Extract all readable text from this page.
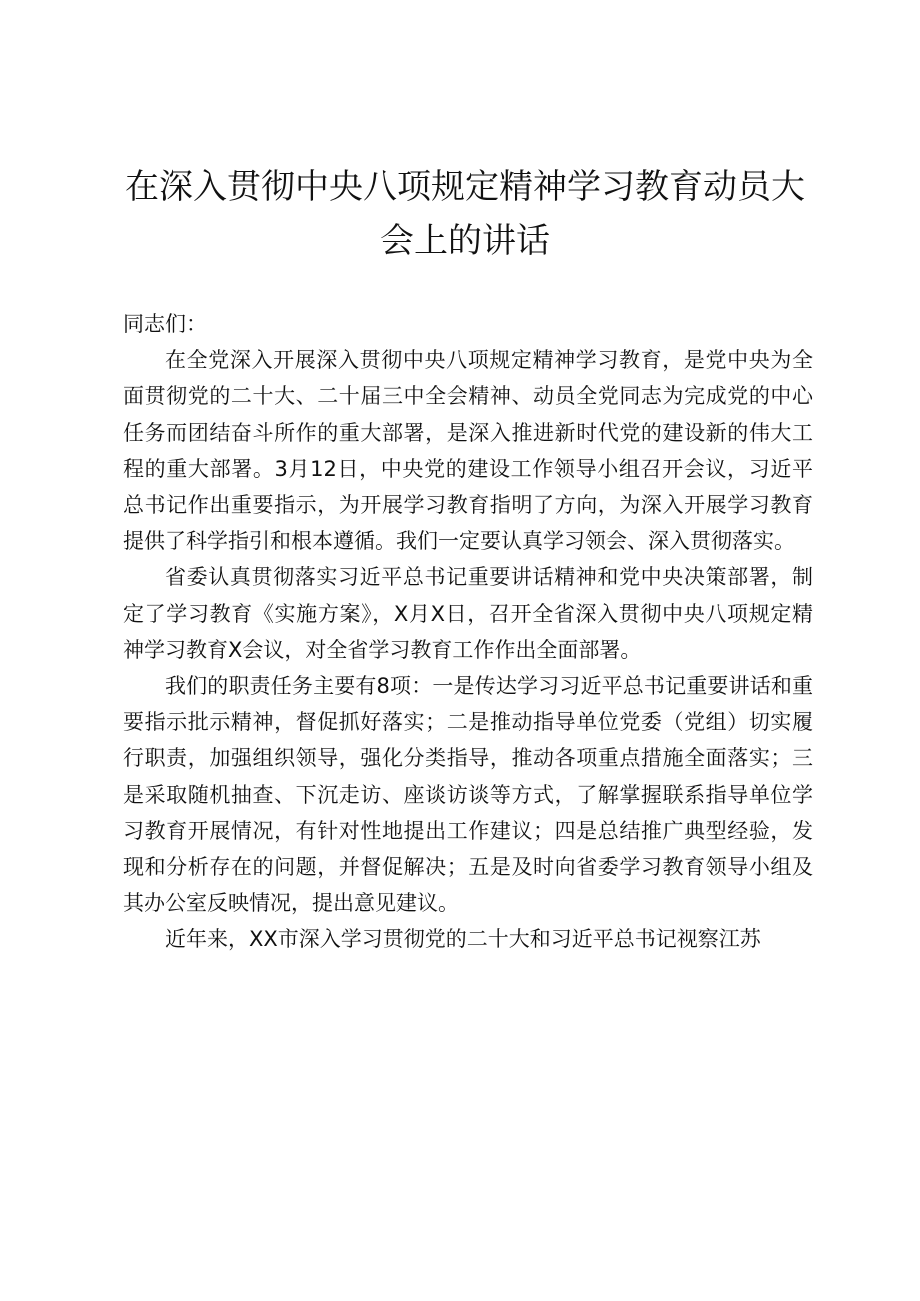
在深入贯彻中央八项规定精神学习教育动员大会上的讲话

同志们：

在全党深入开展深入贯彻中央八项规定精神学习教育，是党中央为全面贯彻党的二十大、二十届三中全会精神、动员全党同志为完成党的中心任务而团结奋斗所作的重大部署，是深入推进新时代党的建设新的伟大工程的重大部署。3月12日，中央党的建设工作领导小组召开会议，习近平总书记作出重要指示，为开展学习教育指明了方向，为深入开展学习教育提供了科学指引和根本遵循。我们一定要认真学习领会、深入贯彻落实。

省委认真贯彻落实习近平总书记重要讲话精神和党中央决策部署，制定了学习教育《实施方案》，X月X日，召开全省深入贯彻中央八项规定精神学习教育X会议，对全省学习教育工作作出全面部署。

我们的职责任务主要有8项：一是传达学习习近平总书记重要讲话和重要指示批示精神，督促抓好落实；二是推动指导单位党委（党组）切实履行职责，加强组织领导，强化分类指导，推动各项重点措施全面落实；三是采取随机抽查、下沉走访、座谈访谈等方式，了解掌握联系指导单位学习教育开展情况，有针对性地提出工作建议；四是总结推广典型经验，发现和分析存在的问题，并督促解决；五是及时向省委学习教育领导小组及其办公室反映情况，提出意见建议。

近年来，XX市深入学习贯彻党的二十大和习近平总书记视察江苏
